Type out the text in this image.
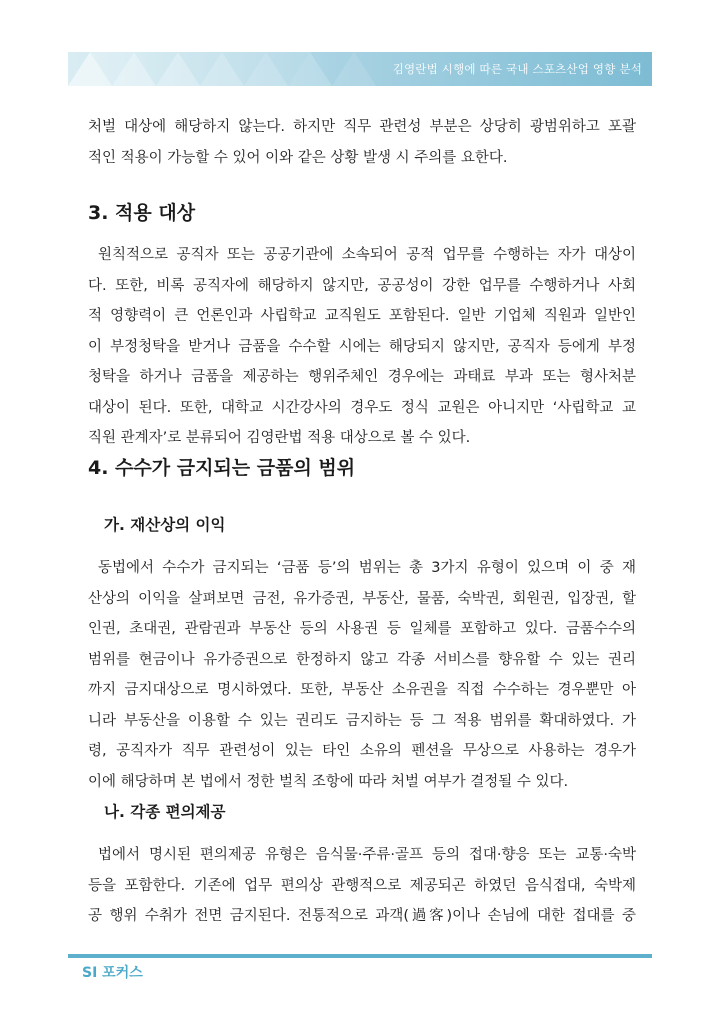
김영란법 시행에 따른 국내 스포츠산업 영향 분석
처벌 대상에 해당하지 않는다. 하지만 직무 관련성 부분은 상당히 광범위하고 포괄
적인 적용이 가능할 수 있어 이와 같은 상황 발생 시 주의를 요한다.
3. 적용 대상
원칙적으로 공직자 또는 공공기관에 소속되어 공적 업무를 수행하는 자가 대상이
다. 또한, 비록 공직자에 해당하지 않지만, 공공성이 강한 업무를 수행하거나 사회
적 영향력이 큰 언론인과 사립학교 교직원도 포함된다. 일반 기업체 직원과 일반인
이 부정청탁을 받거나 금품을 수수할 시에는 해당되지 않지만, 공직자 등에게 부정
청탁을 하거나 금품을 제공하는 행위주체인 경우에는 과태료 부과 또는 형사처분
대상이 된다. 또한, 대학교 시간강사의 경우도 정식 교원은 아니지만 ‘사립학교 교
직원 관계자’로 분류되어 김영란법 적용 대상으로 볼 수 있다.
4. 수수가 금지되는 금품의 범위
가. 재산상의 이익
동법에서 수수가 금지되는 ‘금품 등’의 범위는 총 3가지 유형이 있으며 이 중 재
산상의 이익을 살펴보면 금전, 유가증권, 부동산, 물품, 숙박권, 회원권, 입장권, 할
인권, 초대권, 관람권과 부동산 등의 사용권 등 일체를 포함하고 있다. 금품수수의
범위를 현금이나 유가증권으로 한정하지 않고 각종 서비스를 향유할 수 있는 권리
까지 금지대상으로 명시하였다. 또한, 부동산 소유권을 직접 수수하는 경우뿐만 아
니라 부동산을 이용할 수 있는 권리도 금지하는 등 그 적용 범위를 확대하였다. 가
령, 공직자가 직무 관련성이 있는 타인 소유의 펜션을 무상으로 사용하는 경우가
이에 해당하며 본 법에서 정한 벌칙 조항에 따라 처벌 여부가 결정될 수 있다.
나. 각종 편의제공
법에서 명시된 편의제공 유형은 음식물·주류·골프 등의 접대·향응 또는 교통·숙박
등을 포함한다. 기존에 업무 편의상 관행적으로 제공되곤 하였던 음식접대, 숙박제
공 행위 수취가 전면 금지된다. 전통적으로 과객(過客)이나 손님에 대한 접대를 중
SI 포커스
